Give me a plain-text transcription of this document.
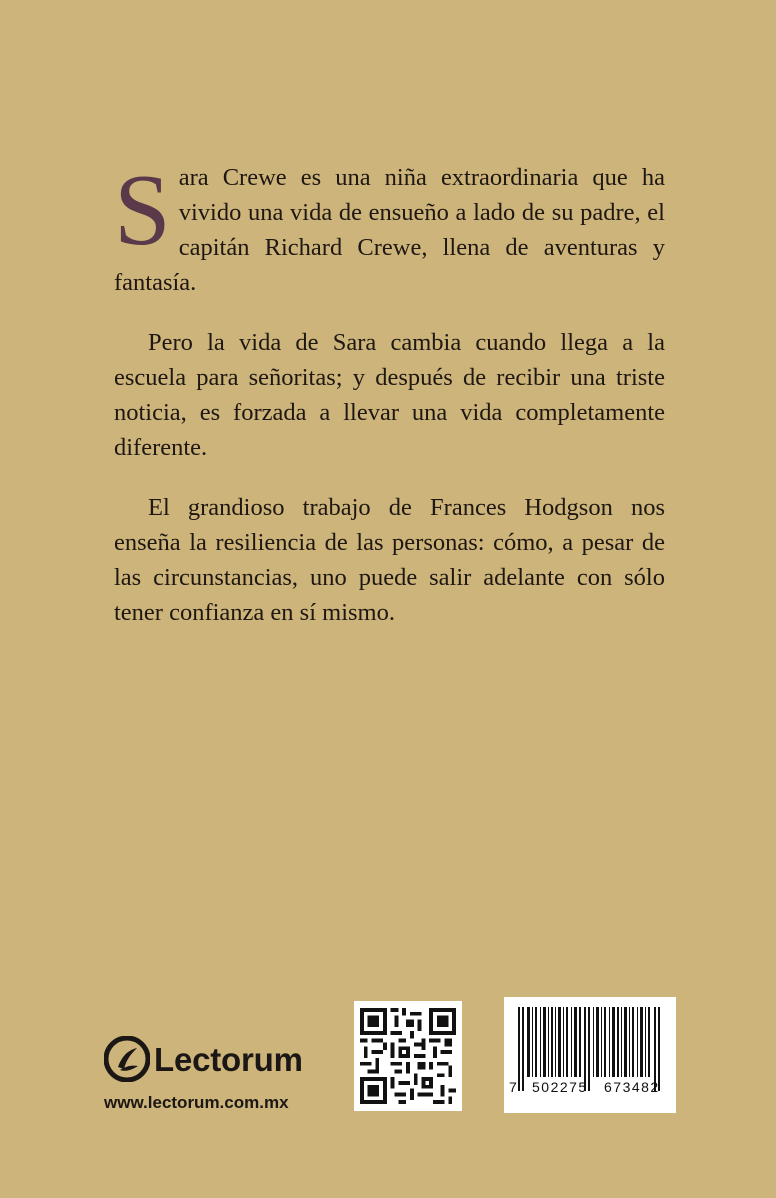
Sara Crewe es una niña extraordinaria que ha vivido una vida de ensueño a lado de su padre, el capitán Richard Crewe, llena de aventuras y fantasía.

Pero la vida de Sara cambia cuando llega a la escuela para señoritas; y después de recibir una triste noticia, es forzada a llevar una vida completamente diferente.

El grandioso trabajo de Frances Hodgson nos enseña la resiliencia de las personas: cómo, a pesar de las circunstancias, uno puede salir adelante con sólo tener confianza en sí mismo.

Lectorum
www.lectorum.com.mx
7 502275 673482
